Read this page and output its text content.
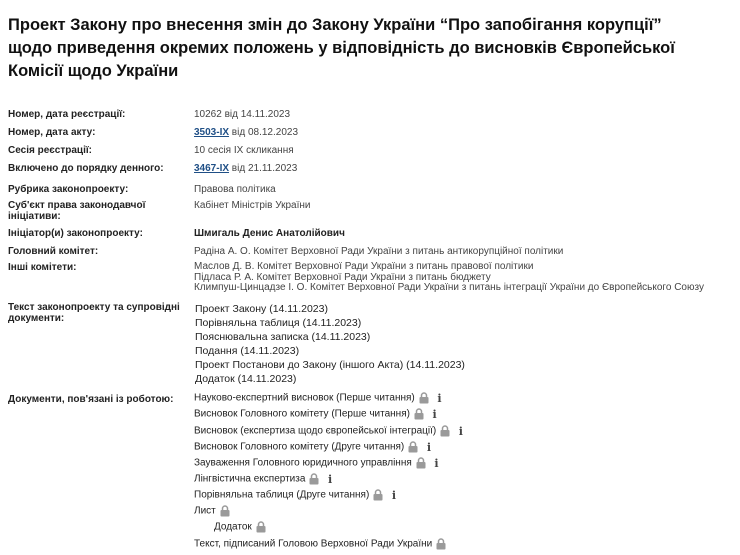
Проект Закону про внесення змін до Закону України “Про запобігання корупції”
щодо приведення окремих положень у відповідність до висновків Європейської
Комісії щодо України
Номер, дата реєстрації:	10262 від 14.11.2023
Номер, дата акту:	3503-IX від 08.12.2023
Сесія реєстрації:	10 сесія IX скликання
Включено до порядку денного:	3467-IX від 21.11.2023
Рубрика законопроекту:	Правова політика
Суб'єкт права законодавчої
ініціативи:
Кабінет Міністрів України
Ініціатор(и) законопроекту:	Шмигаль Денис Анатолійович
Головний комітет:	Радіна А. О. Комітет Верховної Ради України з питань антикорупційної політики
Інші комітети:	Маслов Д. В. Комітет Верховної Ради України з питань правової політики
Підласа Р. А. Комітет Верховної Ради України з питань бюджету
Климпуш-Цинцадзе І. О. Комітет Верховної Ради України з питань інтеграції України до Європейського Союзу
Текст законопроекту та супровідні
документи:
Проект Закону (14.11.2023)
Порівняльна таблиця (14.11.2023)
Пояснювальна записка (14.11.2023)
Подання (14.11.2023)
Проект Постанови до Закону (іншого Акта) (14.11.2023)
Додаток (14.11.2023)
Документи, пов'язані із роботою:	Науково-експертний висновок (Перше читання) i
Висновок Головного комітету (Перше читання) i
Висновок (експертиза щодо європейської інтеграції) i
Висновок Головного комітету (Друге читання) i
Зауваження Головного юридичного управління i
Лінгвістична експертиза i
Порівняльна таблиця (Друге читання) i
Лист
Додаток
Текст, підписаний Головою Верховної Ради України
